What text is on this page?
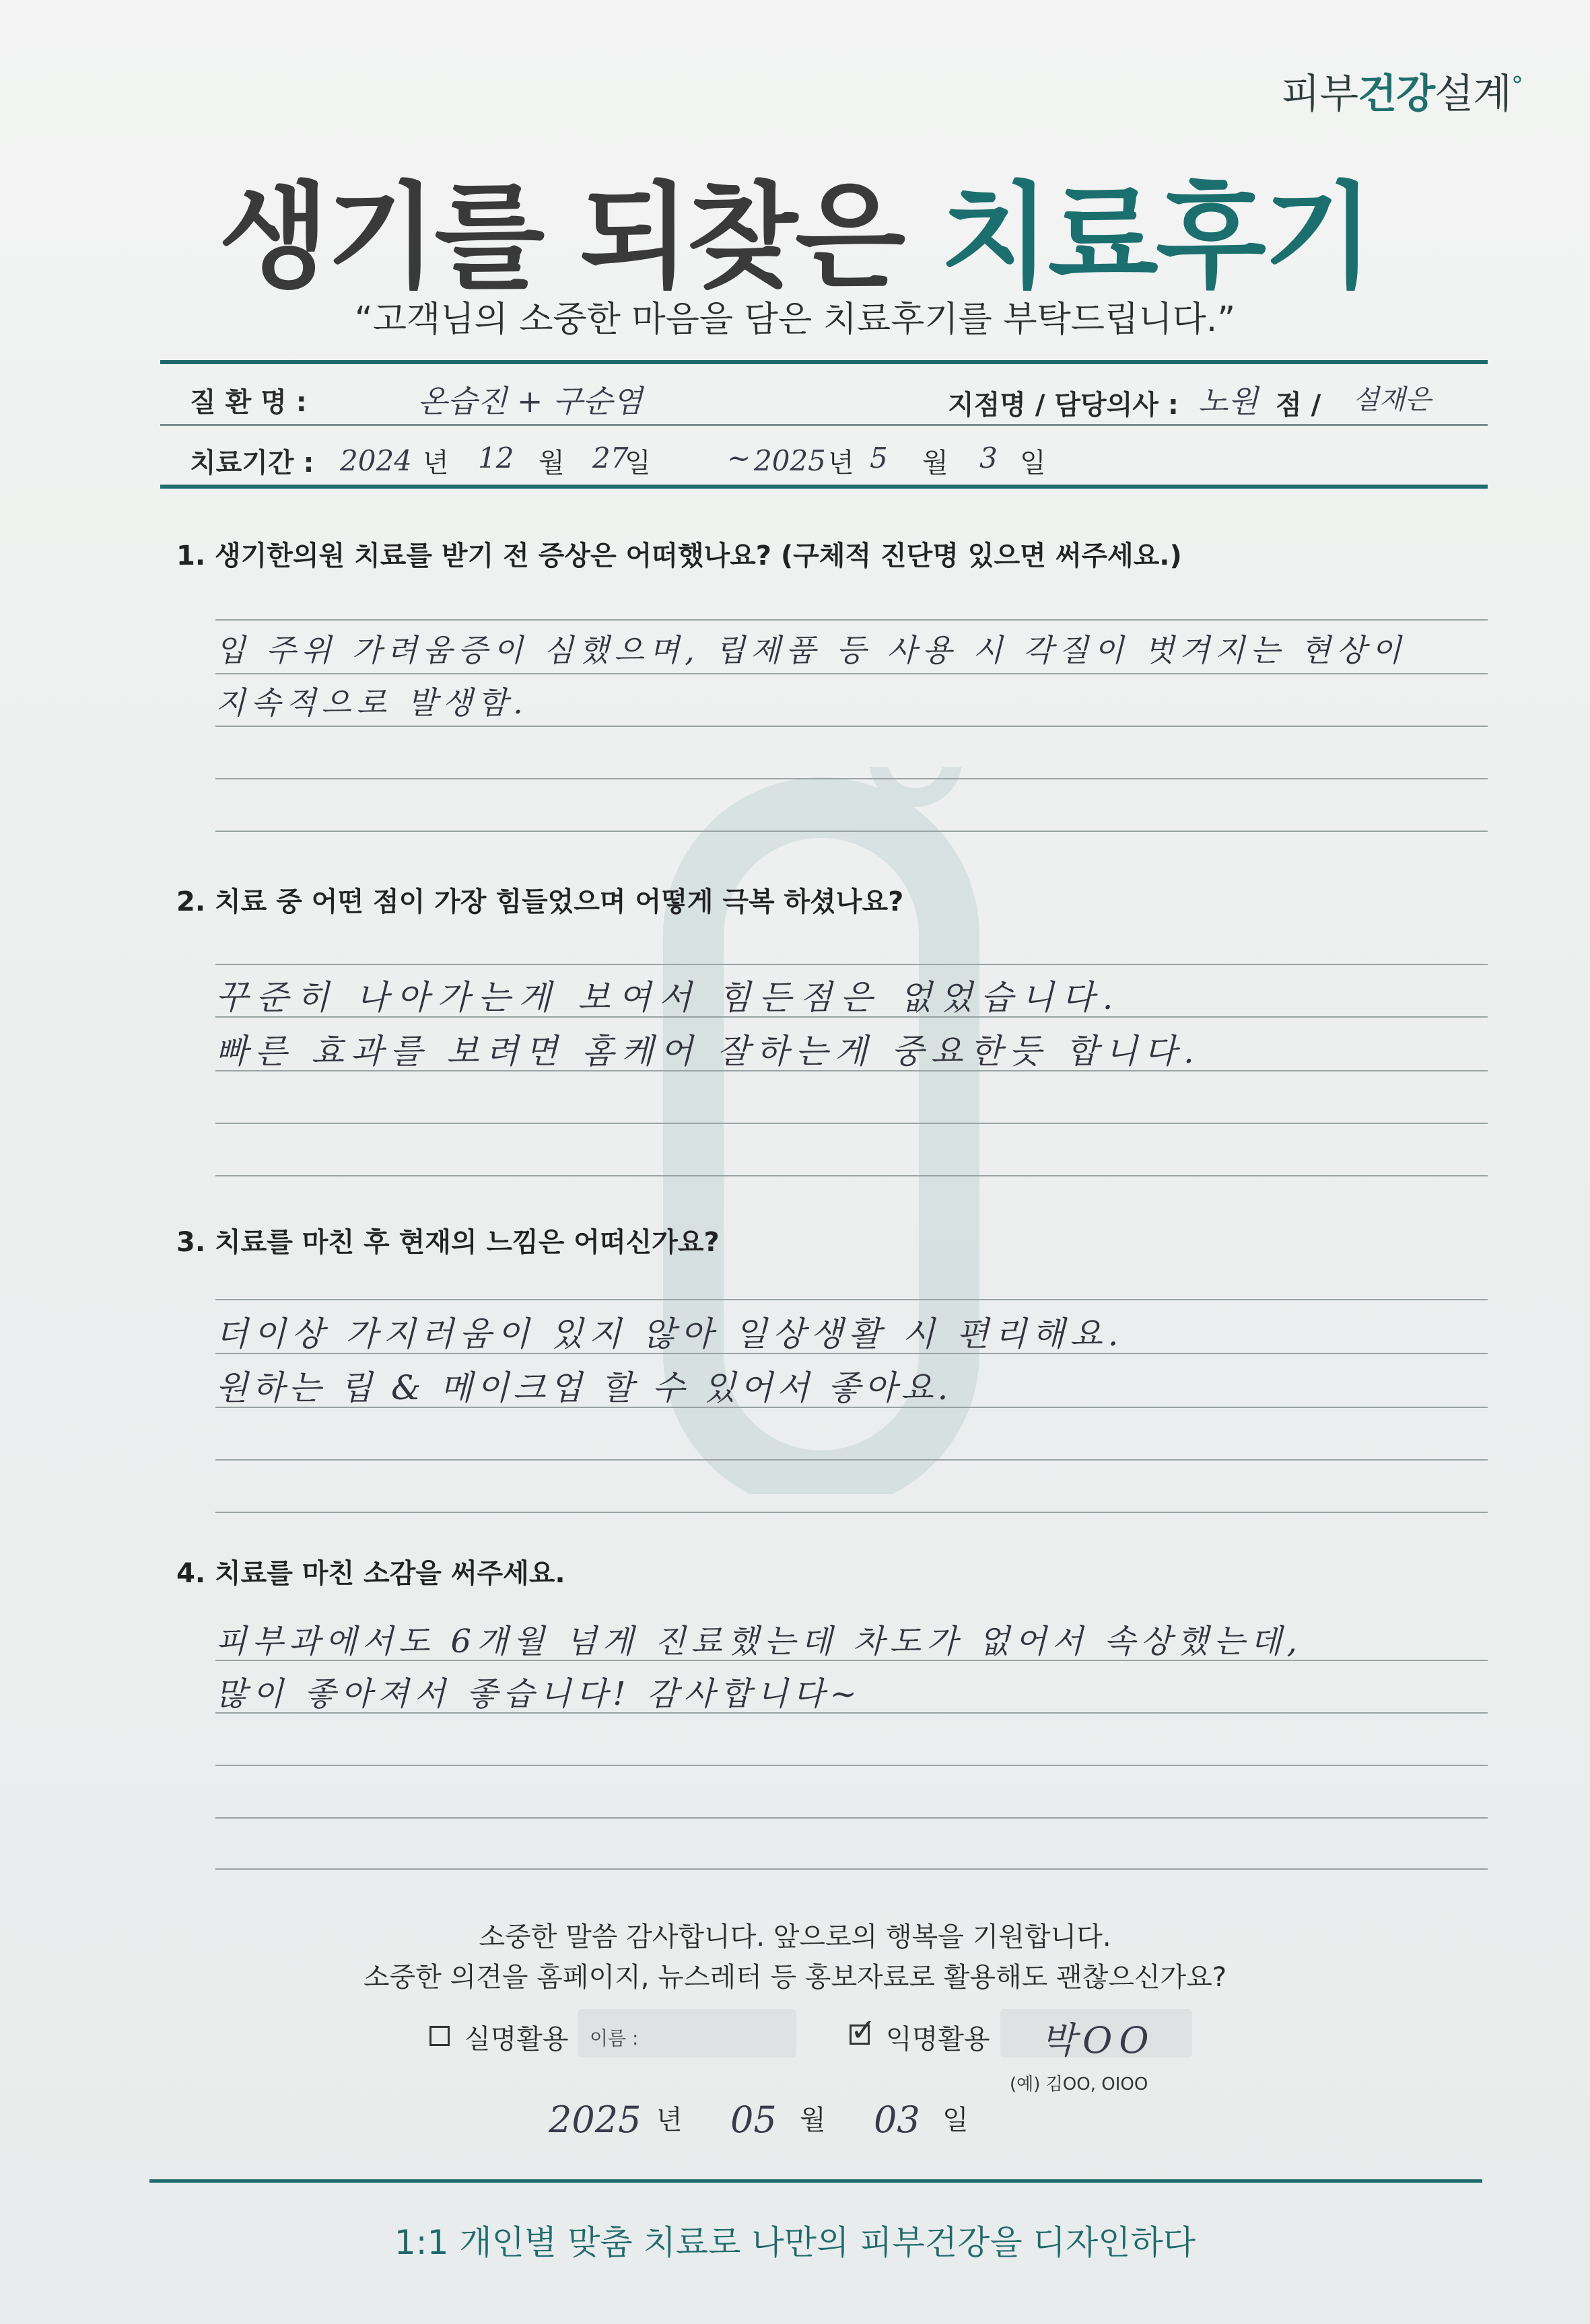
피부건강설계°
생기를 되찾은 치료후기
“고객님의 소중한 마음을 담은 치료후기를 부탁드립니다.”
질 환 명 :	온습진 + 구순염	지점명 / 담당의사 : 노원 점 / 설재은
치료기간 : 2024 년 12 월 27
일	~ 2025 년 5 월 3 일
1. 생기한의원 치료를 받기 전 증상은 어떠했나요? (구체적 진단명 있으면 써주세요.)
입 주위 가려움증이 심했으며, 립제품 등 사용 시 각질이 벗겨지는 현상이
지속적으로 발생함.
2. 치료 중 어떤 점이 가장 힘들었으며 어떻게 극복 하셨나요?
꾸준히 나아가는게 보여서 힘든점은 없었습니다.
빠른 효과를 보려면 홈케어 잘하는게 중요한듯 합니다.
3. 치료를 마친 후 현재의 느낌은 어떠신가요?
더이상 가지러움이 있지 않아 일상생활 시 편리해요.
원하는 립 & 메이크업 할 수 있어서 좋아요.
4. 치료를 마친 소감을 써주세요.
피부과에서도 6개월 넘게 진료했는데 차도가 없어서 속상했는데,
많이 좋아져서 좋습니다! 감사합니다~
소중한 말씀 감사합니다. 앞으로의 행복을 기원합니다.
소중한 의견을 홈페이지, 뉴스레터 등 홍보자료로 활용해도 괜찮으신가요?
실명활용 이름 :
✓	익명활용 박OO
(예) 김OO, OIOO
2025 년 05 월 03 일
1:1 개인별 맞춤 치료로 나만의 피부건강을 디자인하다
